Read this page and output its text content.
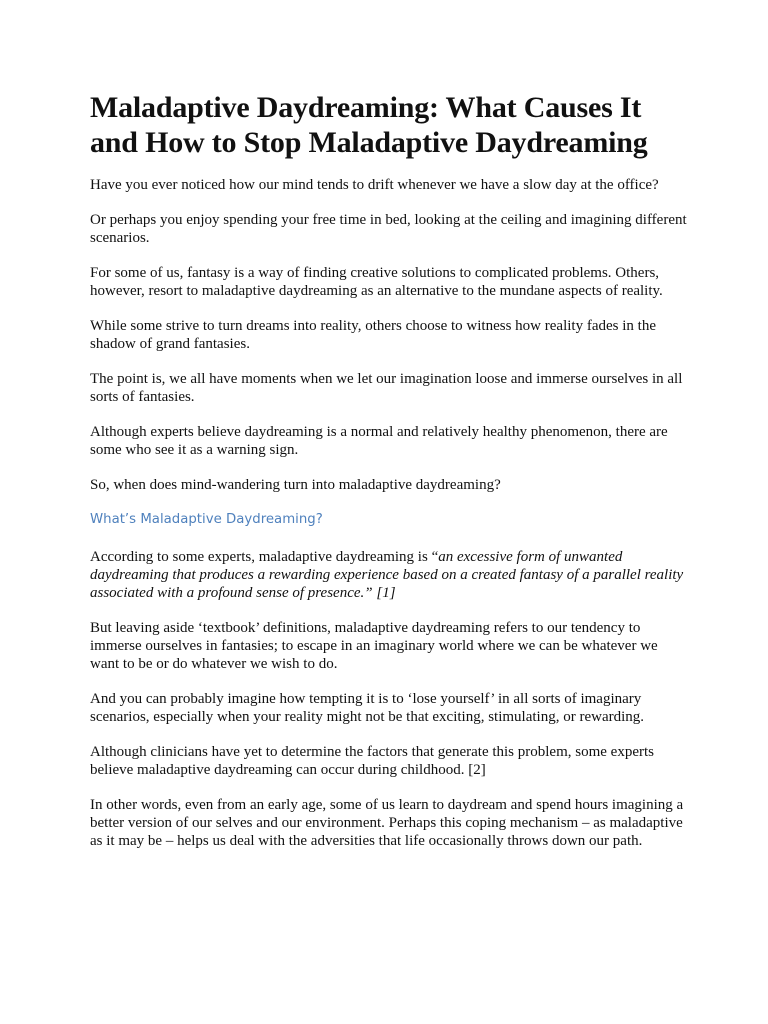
Maladaptive Daydreaming: What Causes It and How to Stop Maladaptive Daydreaming

Have you ever noticed how our mind tends to drift whenever we have a slow day at the office?

Or perhaps you enjoy spending your free time in bed, looking at the ceiling and imagining different scenarios.

For some of us, fantasy is a way of finding creative solutions to complicated problems. Others, however, resort to maladaptive daydreaming as an alternative to the mundane aspects of reality.

While some strive to turn dreams into reality, others choose to witness how reality fades in the shadow of grand fantasies.

The point is, we all have moments when we let our imagination loose and immerse ourselves in all sorts of fantasies.

Although experts believe daydreaming is a normal and relatively healthy phenomenon, there are some who see it as a warning sign.

So, when does mind-wandering turn into maladaptive daydreaming?

What’s Maladaptive Daydreaming?

According to some experts, maladaptive daydreaming is “an excessive form of unwanted daydreaming that produces a rewarding experience based on a created fantasy of a parallel reality associated with a profound sense of presence.” [1]

But leaving aside ‘textbook’ definitions, maladaptive daydreaming refers to our tendency to immerse ourselves in fantasies; to escape in an imaginary world where we can be whatever we want to be or do whatever we wish to do.

And you can probably imagine how tempting it is to ‘lose yourself’ in all sorts of imaginary scenarios, especially when your reality might not be that exciting, stimulating, or rewarding.

Although clinicians have yet to determine the factors that generate this problem, some experts believe maladaptive daydreaming can occur during childhood. [2]

In other words, even from an early age, some of us learn to daydream and spend hours imagining a better version of our selves and our environment. Perhaps this coping mechanism – as maladaptive as it may be – helps us deal with the adversities that life occasionally throws down our path.
